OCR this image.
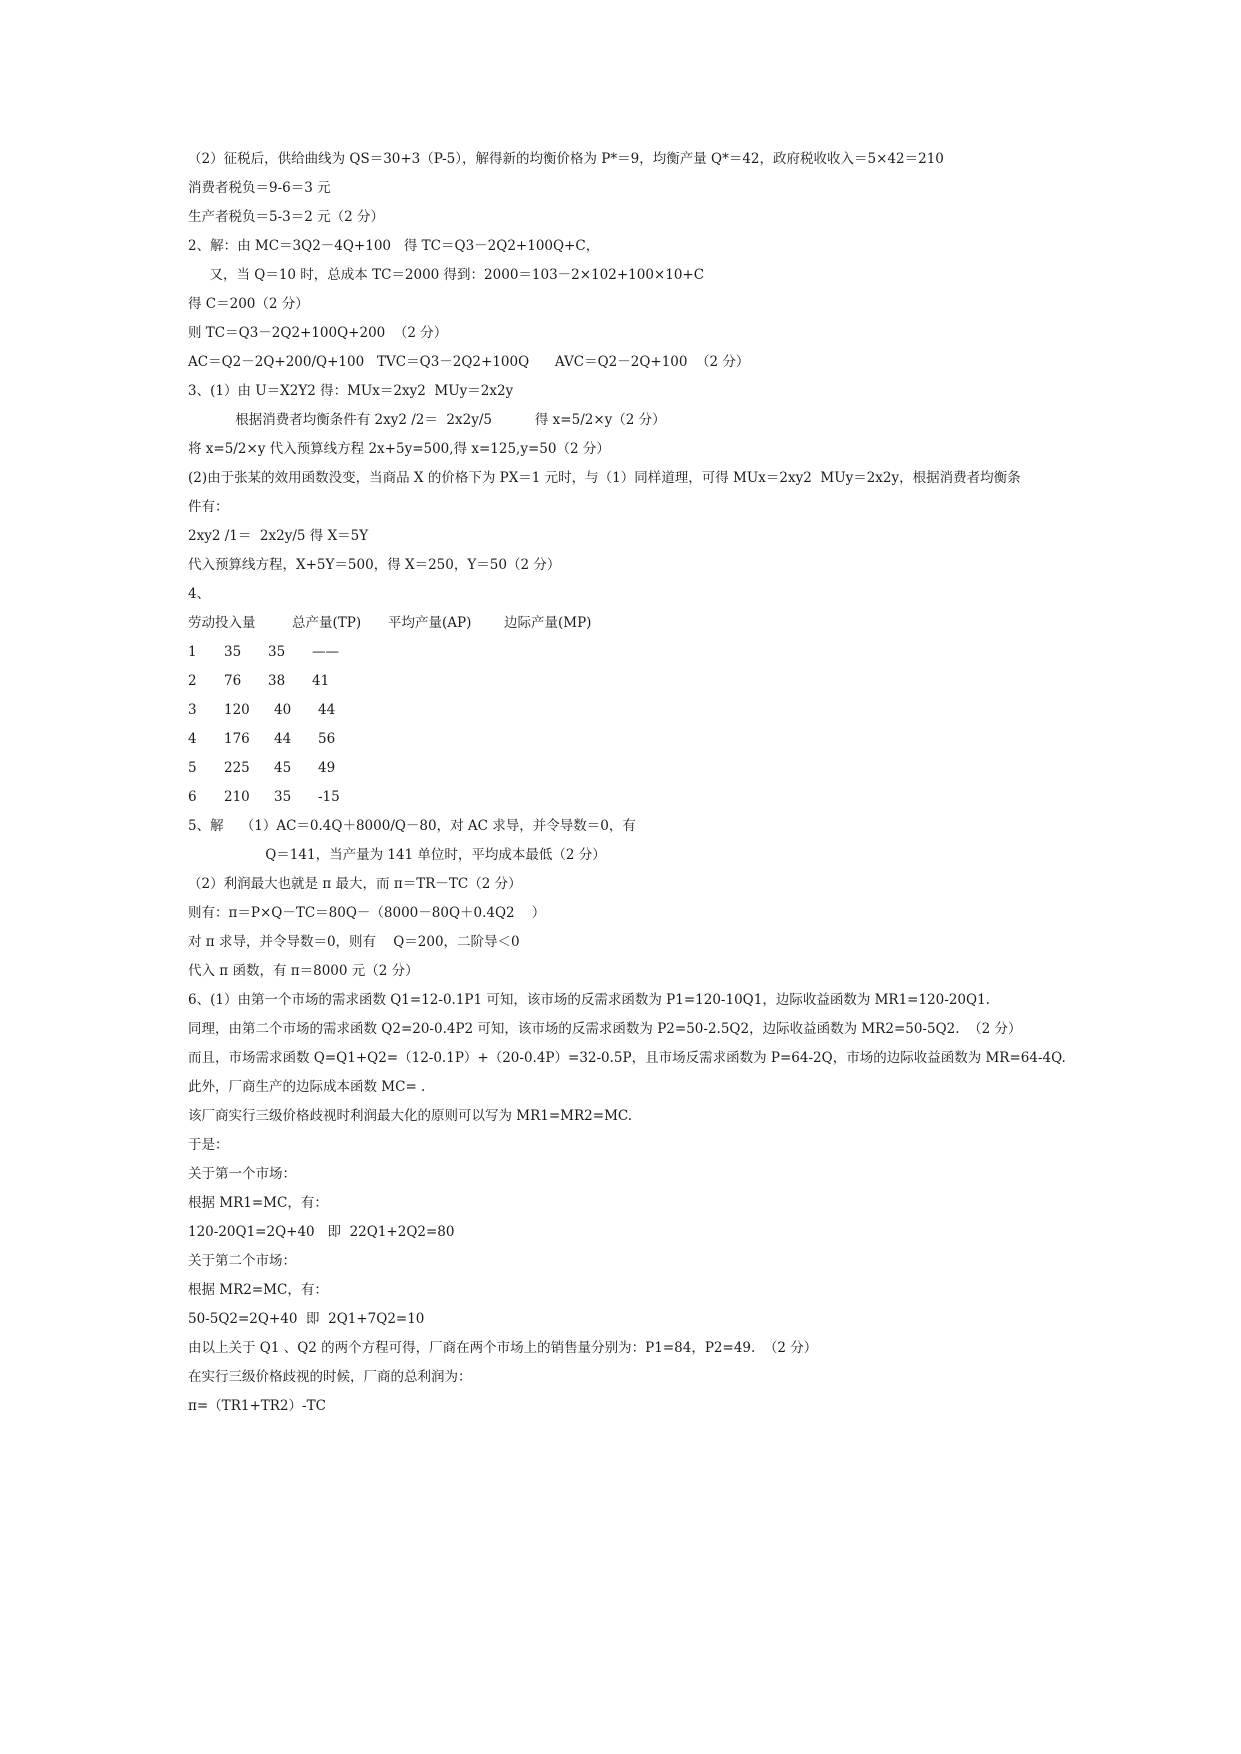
（2）征税后，供给曲线为 QS＝30+3（P-5），解得新的均衡价格为 P*＝9，均衡产量 Q*＝42，政府税收收入＝5×42＝210
消费者税负＝9-6＝3 元
生产者税负＝5-3＝2 元（2 分）
2、解：由 MC＝3Q2－4Q+100   得 TC＝Q3－2Q2+100Q+C，
又，当 Q＝10 时，总成本 TC＝2000 得到：2000＝103－2×102+100×10+C
得 C＝200（2 分）
则 TC＝Q3－2Q2+100Q+200  （2 分）
AC＝Q2－2Q+200/Q+100   TVC＝Q3－2Q2+100Q      AVC＝Q2－2Q+100  （2 分）
3、(1）由 U＝X2Y2 得：MUx＝2xy2  MUy＝2x2y
根据消费者均衡条件有 2xy2 /2＝  2x2y/5          得 x=5/2×y（2 分）
将 x=5/2×y 代入预算线方程 2x+5y=500,得 x=125,y=50（2 分）
(2)由于张某的效用函数没变，当商品 X 的价格下为 PX＝1 元时，与（1）同样道理，可得 MUx＝2xy2  MUy＝2x2y，根据消费者均衡条
件有：
2xy2 /1＝  2x2y/5 得 X＝5Y
代入预算线方程，X+5Y＝500，得 X＝250，Y＝50（2 分）
4、

劳动投入量

	总产量(TP)

平均产量(AP)

边际产量(MP)

1

35

35

——

2

76

38

41

3

120

40

44

4

176

44

56

5

225

45

49

6

210

35

-15

5、解    （1）AC＝0.4Q＋8000/Q－80，对 AC 求导，并令导数＝0，有
Q＝141，当产量为 141 单位时，平均成本最低（2 分）
（2）利润最大也就是 π 最大，而 π＝TR－TC（2 分）
则有：π＝P×Q－TC＝80Q－（8000－80Q＋0.4Q2    ）
对 π 求导，并令导数＝0，则有    Q＝200，二阶导＜0
代入 π 函数，有 π＝8000 元（2 分）
6、(1）由第一个市场的需求函数 Q1=12-0.1P1 可知，该市场的反需求函数为 P1=120-10Q1，边际收益函数为 MR1=120-20Q1.
同理，由第二个市场的需求函数 Q2=20-0.4P2 可知，该市场的反需求函数为 P2=50-2.5Q2，边际收益函数为 MR2=50-5Q2.  （2 分）
而且，市场需求函数 Q=Q1+Q2=（12-0.1P）+（20-0.4P）=32-0.5P，且市场反需求函数为 P=64-2Q，市场的边际收益函数为 MR=64-4Q.
此外，厂商生产的边际成本函数 MC= .
该厂商实行三级价格歧视时利润最大化的原则可以写为 MR1=MR2=MC.
于是：
关于第一个市场：
根据 MR1=MC，有：
120-20Q1=2Q+40   即  22Q1+2Q2=80
关于第二个市场：
根据 MR2=MC，有：
50-5Q2=2Q+40  即  2Q1+7Q2=10
由以上关于 Q1 、Q2 的两个方程可得，厂商在两个市场上的销售量分别为：P1=84，P2=49.  （2 分）
在实行三级价格歧视的时候，厂商的总利润为：
π=（TR1+TR2）-TC
